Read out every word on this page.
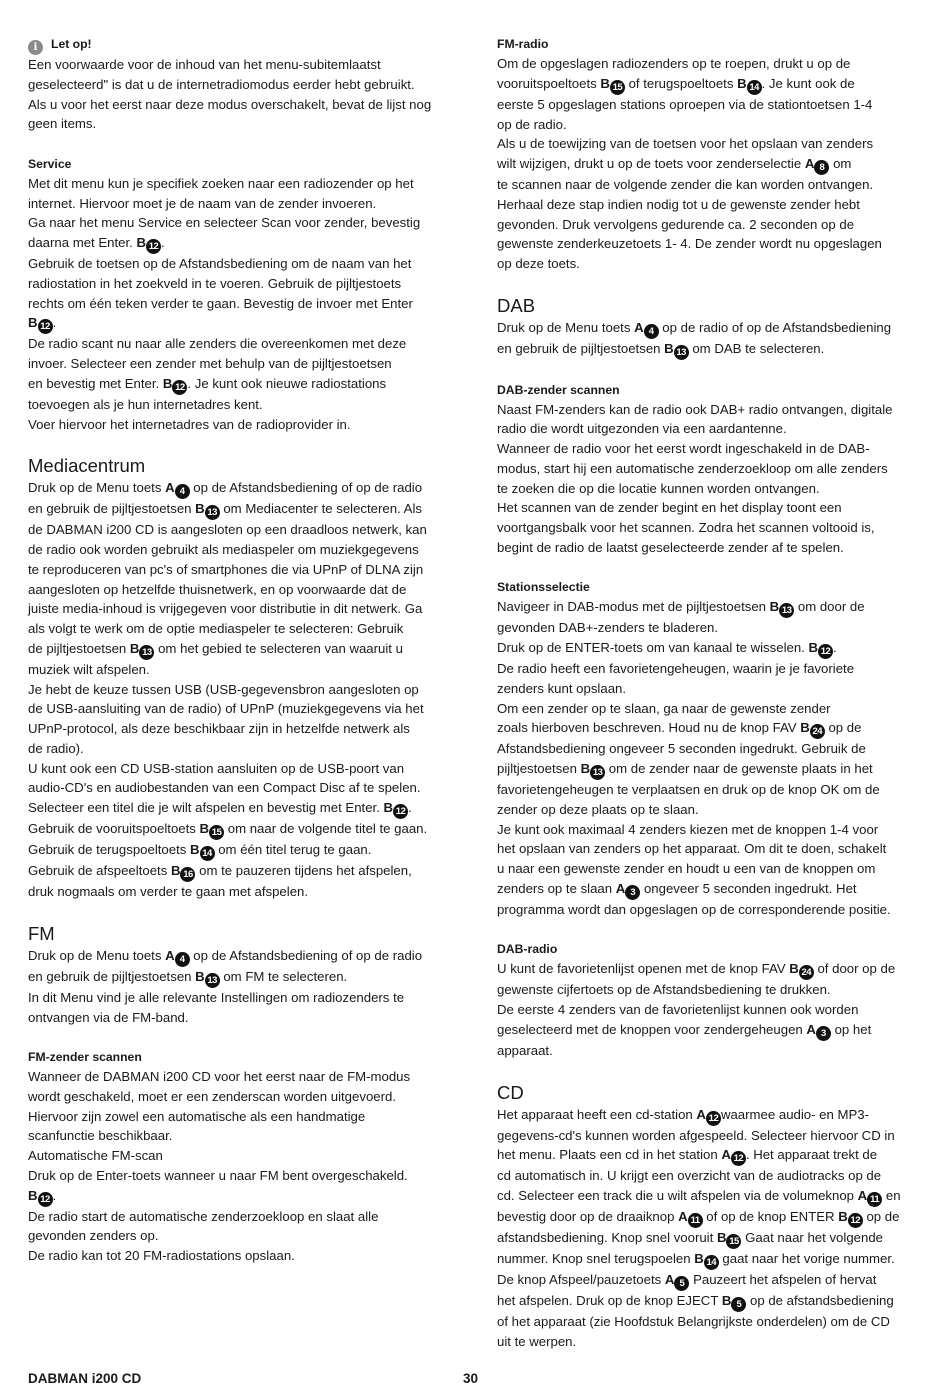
i Let op!
Een voorwaarde voor de inhoud van het menu-subitemlaatst
geselecteerd" is dat u de internetradiomodus eerder hebt gebruikt.
Als u voor het eerst naar deze modus overschakelt, bevat de lijst nog
geen items.
Service
Met dit menu kun je specifiek zoeken naar een radiozender op het
internet. Hiervoor moet je de naam van de zender invoeren.
Ga naar het menu Service en selecteer Scan voor zender, bevestig
daarna met Enter. B 12 .
Gebruik de toetsen op de Afstandsbediening om de naam van het
radiostation in het zoekveld in te voeren. Gebruik de pijltjestoets
rechts om één teken verder te gaan. Bevestig de invoer met Enter
B 12 .
De radio scant nu naar alle zenders die overeenkomen met deze
invoer. Selecteer een zender met behulp van de pijltjestoetsen
en bevestig met Enter. B 12 . Je kunt ook nieuwe radiostations
toevoegen als je hun internetadres kent.
Voer hiervoor het internetadres van de radioprovider in.
Mediacentrum
Druk op de Menu toets A 4 op de Afstandsbediening of op de radio
en gebruik de pijltjestoetsen B 13 om Mediacenter te selecteren. Als
de DABMAN i200 CD is aangesloten op een draadloos netwerk, kan
de radio ook worden gebruikt als mediaspeler om muziekgegevens
te reproduceren van pc's of smartphones die via UPnP of DLNA zijn
aangesloten op hetzelfde thuisnetwerk, en op voorwaarde dat de
juiste media-inhoud is vrijgegeven voor distributie in dit netwerk. Ga
als volgt te werk om de optie mediaspeler te selecteren: Gebruik
de pijltjestoetsen B 13 om het gebied te selecteren van waaruit u
muziek wilt afspelen.
Je hebt de keuze tussen USB (USB-gegevensbron aangesloten op
de USB-aansluiting van de radio) of UPnP (muziekgegevens via het
UPnP-protocol, als deze beschikbaar zijn in hetzelfde netwerk als
de radio).
U kunt ook een CD USB-station aansluiten op de USB-poort van
audio-CD's en audiobestanden van een Compact Disc af te spelen.
Selecteer een titel die je wilt afspelen en bevestig met Enter. B 12 .
Gebruik de vooruitspoeltoets B 15 om naar de volgende titel te gaan.
Gebruik de terugspoeltoets B 14 om één titel terug te gaan.
Gebruik de afspeeltoets B 16 om te pauzeren tijdens het afspelen,
druk nogmaals om verder te gaan met afspelen.
FM
Druk op de Menu toets A 4 op de Afstandsbediening of op de radio
en gebruik de pijltjestoetsen B 13 om FM te selecteren.
In dit Menu vind je alle relevante Instellingen om radiozenders te
ontvangen via de FM-band.
FM-zender scannen
Wanneer de DABMAN i200 CD voor het eerst naar de FM-modus
wordt geschakeld, moet er een zenderscan worden uitgevoerd.
Hiervoor zijn zowel een automatische als een handmatige
scanfunctie beschikbaar.
Automatische FM-scan
Druk op de Enter-toets wanneer u naar FM bent overgeschakeld.
B 12 .
De radio start de automatische zenderzoekloop en slaat alle
gevonden zenders op.
De radio kan tot 20 FM-radiostations opslaan.
FM-radio
Om de opgeslagen radiozenders op te roepen, drukt u op de
vooruitspoeltoets B 15 of terugspoeltoets B 14 . Je kunt ook de
eerste 5 opgeslagen stations oproepen via de stationtoetsen 1-4
op de radio.
Als u de toewijzing van de toetsen voor het opslaan van zenders
wilt wijzigen, drukt u op de toets voor zenderselectie A 8 om
te scannen naar de volgende zender die kan worden ontvangen.
Herhaal deze stap indien nodig tot u de gewenste zender hebt
gevonden. Druk vervolgens gedurende ca. 2 seconden op de
gewenste zenderkeuzetoets 1- 4. De zender wordt nu opgeslagen
op deze toets.
DAB
Druk op de Menu toets A 4 op de radio of op de Afstandsbediening
en gebruik de pijltjestoetsen B 13 om DAB te selecteren.
DAB-zender scannen
Naast FM-zenders kan de radio ook DAB+ radio ontvangen, digitale
radio die wordt uitgezonden via een aardantenne.
Wanneer de radio voor het eerst wordt ingeschakeld in de DAB-
modus, start hij een automatische zenderzoekloop om alle zenders
te zoeken die op die locatie kunnen worden ontvangen.
Het scannen van de zender begint en het display toont een
voortgangsbalk voor het scannen. Zodra het scannen voltooid is,
begint de radio de laatst geselecteerde zender af te spelen.
Stationsselectie
Navigeer in DAB-modus met de pijltjestoetsen B 13 om door de
gevonden DAB+-zenders te bladeren.
Druk op de ENTER-toets om van kanaal te wisselen. B 12 .
De radio heeft een favorietengeheugen, waarin je je favoriete
zenders kunt opslaan.
Om een zender op te slaan, ga naar de gewenste zender
zoals hierboven beschreven. Houd nu de knop FAV B 24 op de
Afstandsbediening ongeveer 5 seconden ingedrukt. Gebruik de
pijltjestoetsen B 13 om de zender naar de gewenste plaats in het
favorietengeheugen te verplaatsen en druk op de knop OK om de
zender op deze plaats op te slaan.
Je kunt ook maximaal 4 zenders kiezen met de knoppen 1-4 voor
het opslaan van zenders op het apparaat. Om dit te doen, schakelt
u naar een gewenste zender en houdt u een van de knoppen om
zenders op te slaan A 3 ongeveer 5 seconden ingedrukt. Het
programma wordt dan opgeslagen op de corresponderende positie.
DAB-radio
U kunt de favorietenlijst openen met de knop FAV B 24 of door op de
gewenste cijfertoets op de Afstandsbediening te drukken.
De eerste 4 zenders van de favorietenlijst kunnen ook worden
geselecteerd met de knoppen voor zendergeheugen A 3 op het
apparaat.
CD
Het apparaat heeft een cd-station A 12 waarmee audio- en MP3-
gegevens-cd's kunnen worden afgespeeld. Selecteer hiervoor CD in
het menu. Plaats een cd in het station A 12 . Het apparaat trekt de
cd automatisch in. U krijgt een overzicht van de audiotracks op de
cd. Selecteer een track die u wilt afspelen via de volumeknop A 11 en
bevestig door op de draaiknop A 11 of op de knop ENTER B 12 op de
afstandsbediening. Knop snel vooruit B 15 Gaat naar het volgende
nummer. Knop snel terugspoelen B 14 gaat naar het vorige nummer.
De knop Afspeel/pauzetoets A 5 Pauzeert het afspelen of hervat
het afspelen. Druk op de knop EJECT B 5 op de afstandsbediening
of het apparaat (zie Hoofdstuk Belangrijkste onderdelen) om de CD
uit te werpen.
DABMAN i200 CD	30
